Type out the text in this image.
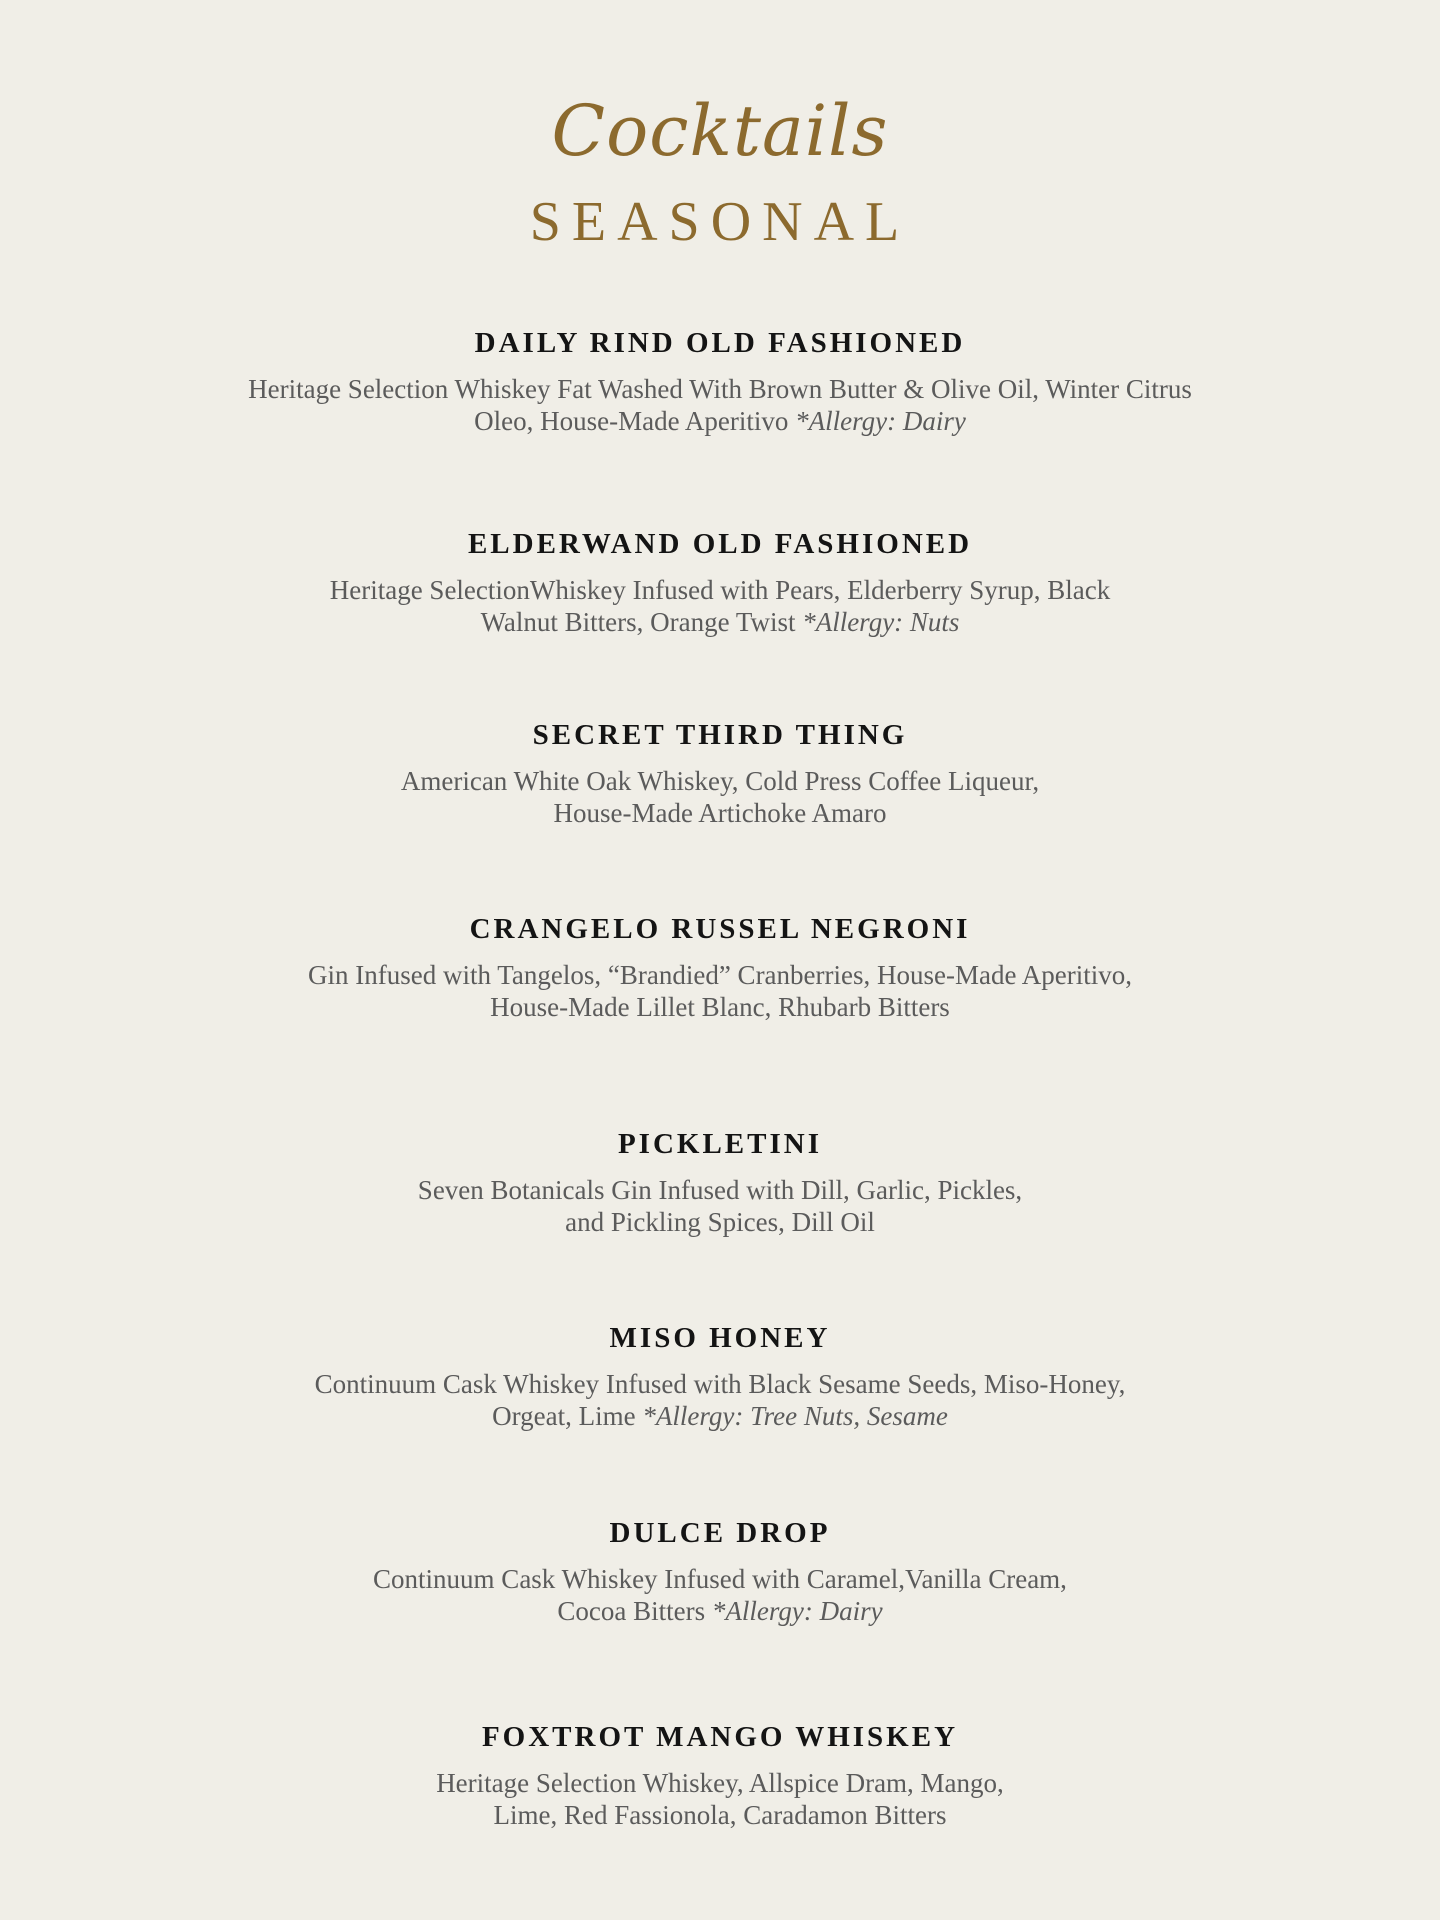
Cocktails
SEASONAL
DAILY RIND OLD FASHIONED
Heritage Selection Whiskey Fat Washed With Brown Butter & Olive Oil, Winter Citrus
Oleo, House-Made Aperitivo *Allergy: Dairy
ELDERWAND OLD FASHIONED
Heritage SelectionWhiskey Infused with Pears, Elderberry Syrup, Black
Walnut Bitters, Orange Twist *Allergy: Nuts
SECRET THIRD THING
American White Oak Whiskey, Cold Press Coffee Liqueur,
House-Made Artichoke Amaro
CRANGELO RUSSEL NEGRONI
Gin Infused with Tangelos, “Brandied” Cranberries, House-Made Aperitivo,
House-Made Lillet Blanc, Rhubarb Bitters
PICKLETINI
Seven Botanicals Gin Infused with Dill, Garlic, Pickles,
and Pickling Spices, Dill Oil
MISO HONEY
Continuum Cask Whiskey Infused with Black Sesame Seeds, Miso-Honey,
Orgeat, Lime *Allergy: Tree Nuts, Sesame
DULCE DROP
Continuum Cask Whiskey Infused with Caramel,Vanilla Cream,
Cocoa Bitters *Allergy: Dairy
FOXTROT MANGO WHISKEY
Heritage Selection Whiskey, Allspice Dram, Mango,
Lime, Red Fassionola, Caradamon Bitters
